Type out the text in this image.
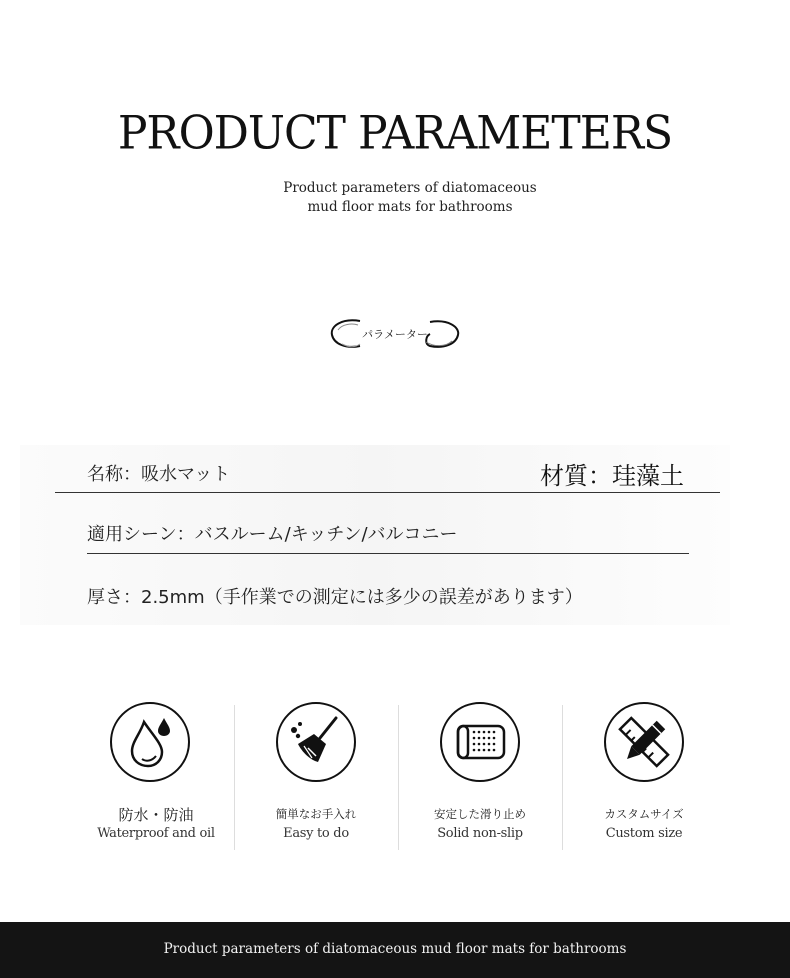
PRODUCT PARAMETERS
Product parameters of diatomaceous
mud floor mats for bathrooms
パラメーター
名称：吸水マット	材質：珪藻土
適用シーン：バスルーム/キッチン/バルコニー
厚さ：2.5mm（手作業での測定には多少の誤差があります）
防水・防油
Waterproof and oil
簡単なお手入れ
Easy to do
安定した滑り止め
Solid non-slip
カスタムサイズ
Custom size
Product parameters of diatomaceous mud floor mats for bathrooms
